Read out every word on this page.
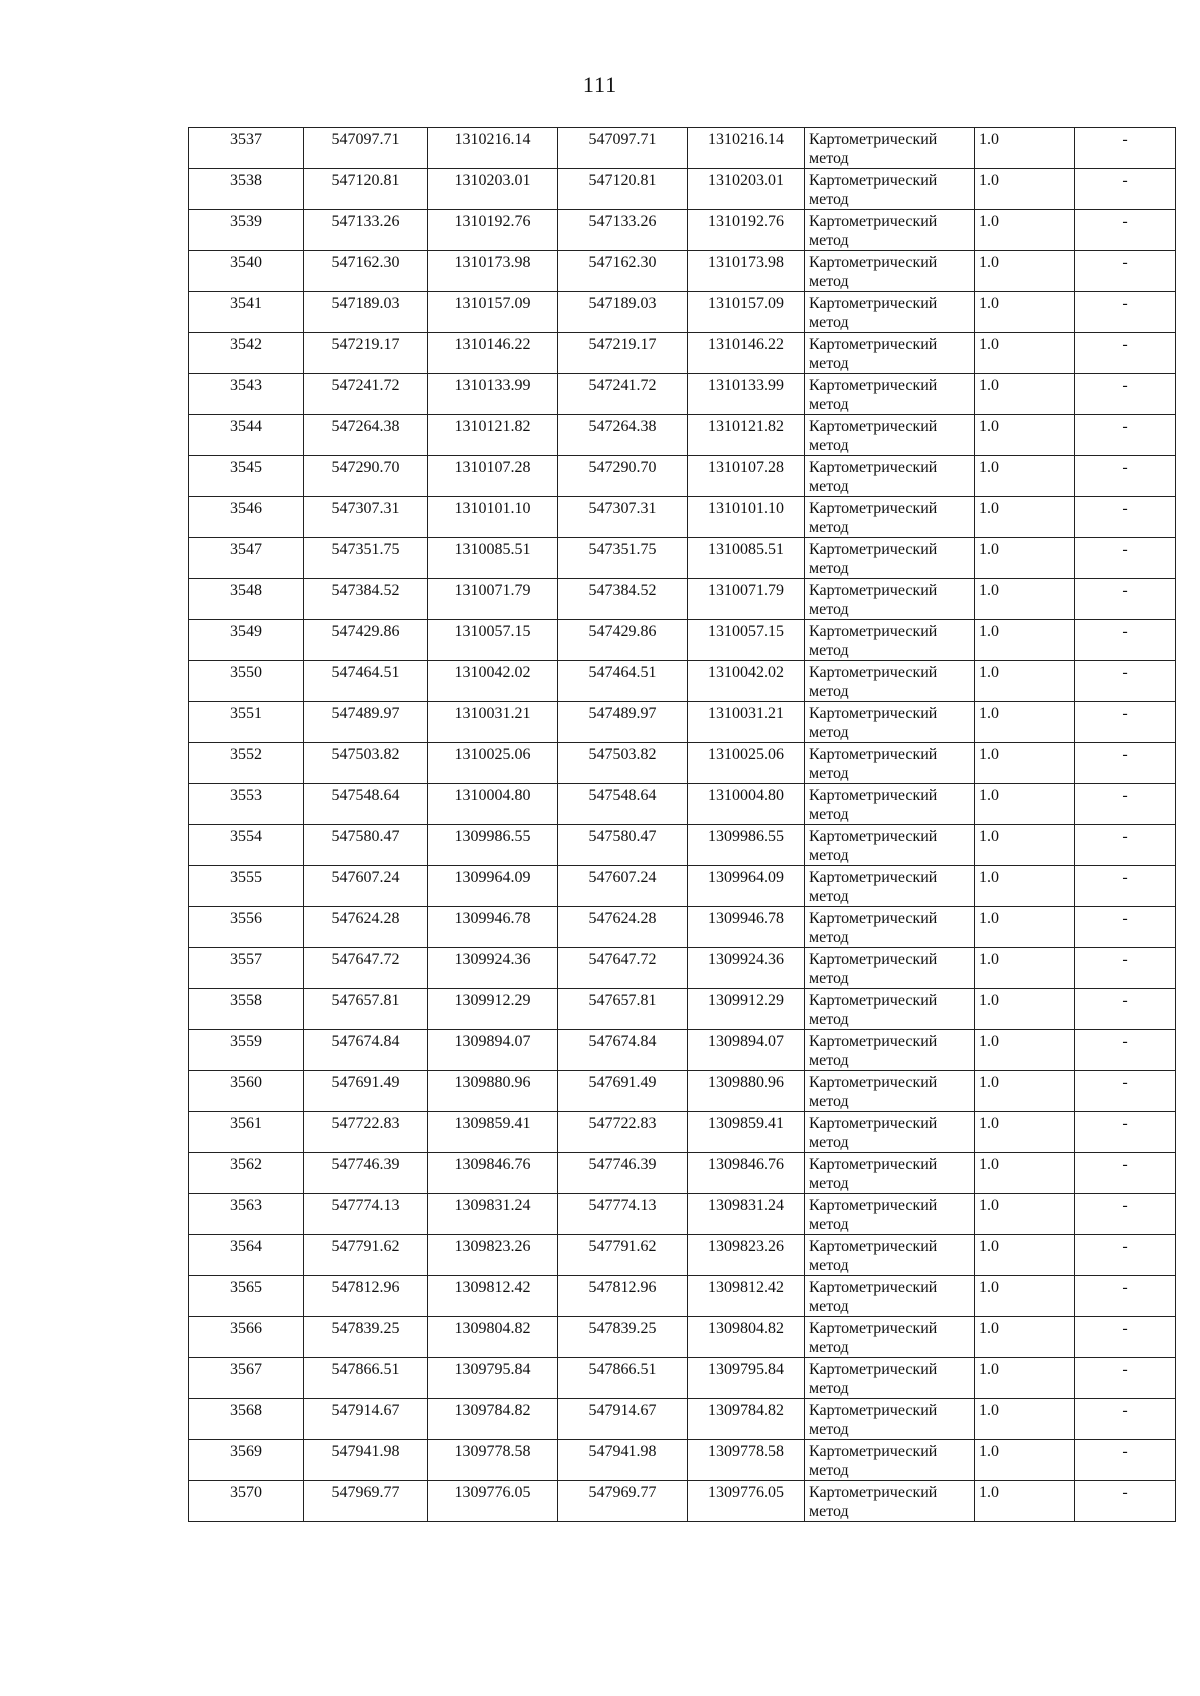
111
3537	547097.71	1310216.14	547097.71	1310216.14	Картометрический
метод	1.0	-
3538	547120.81	1310203.01	547120.81	1310203.01	Картометрический
метод	1.0	-
3539	547133.26	1310192.76	547133.26	1310192.76	Картометрический
метод	1.0	-
3540	547162.30	1310173.98	547162.30	1310173.98	Картометрический
метод	1.0	-
3541	547189.03	1310157.09	547189.03	1310157.09	Картометрический
метод	1.0	-
3542	547219.17	1310146.22	547219.17	1310146.22	Картометрический
метод	1.0	-
3543	547241.72	1310133.99	547241.72	1310133.99	Картометрический
метод	1.0	-
3544	547264.38	1310121.82	547264.38	1310121.82	Картометрический
метод	1.0	-
3545	547290.70	1310107.28	547290.70	1310107.28	Картометрический
метод	1.0	-
3546	547307.31	1310101.10	547307.31	1310101.10	Картометрический
метод	1.0	-
3547	547351.75	1310085.51	547351.75	1310085.51	Картометрический
метод	1.0	-
3548	547384.52	1310071.79	547384.52	1310071.79	Картометрический
метод	1.0	-
3549	547429.86	1310057.15	547429.86	1310057.15	Картометрический
метод	1.0	-
3550	547464.51	1310042.02	547464.51	1310042.02	Картометрический
метод	1.0	-
3551	547489.97	1310031.21	547489.97	1310031.21	Картометрический
метод	1.0	-
3552	547503.82	1310025.06	547503.82	1310025.06	Картометрический
метод	1.0	-
3553	547548.64	1310004.80	547548.64	1310004.80	Картометрический
метод	1.0	-
3554	547580.47	1309986.55	547580.47	1309986.55	Картометрический
метод	1.0	-
3555	547607.24	1309964.09	547607.24	1309964.09	Картометрический
метод	1.0	-
3556	547624.28	1309946.78	547624.28	1309946.78	Картометрический
метод	1.0	-
3557	547647.72	1309924.36	547647.72	1309924.36	Картометрический
метод	1.0	-
3558	547657.81	1309912.29	547657.81	1309912.29	Картометрический
метод	1.0	-
3559	547674.84	1309894.07	547674.84	1309894.07	Картометрический
метод	1.0	-
3560	547691.49	1309880.96	547691.49	1309880.96	Картометрический
метод	1.0	-
3561	547722.83	1309859.41	547722.83	1309859.41	Картометрический
метод	1.0	-
3562	547746.39	1309846.76	547746.39	1309846.76	Картометрический
метод	1.0	-
3563	547774.13	1309831.24	547774.13	1309831.24	Картометрический
метод	1.0	-
3564	547791.62	1309823.26	547791.62	1309823.26	Картометрический
метод	1.0	-
3565	547812.96	1309812.42	547812.96	1309812.42	Картометрический
метод	1.0	-
3566	547839.25	1309804.82	547839.25	1309804.82	Картометрический
метод	1.0	-
3567	547866.51	1309795.84	547866.51	1309795.84	Картометрический
метод	1.0	-
3568	547914.67	1309784.82	547914.67	1309784.82	Картометрический
метод	1.0	-
3569	547941.98	1309778.58	547941.98	1309778.58	Картометрический
метод	1.0	-
3570	547969.77	1309776.05	547969.77	1309776.05	Картометрический
метод	1.0	-
